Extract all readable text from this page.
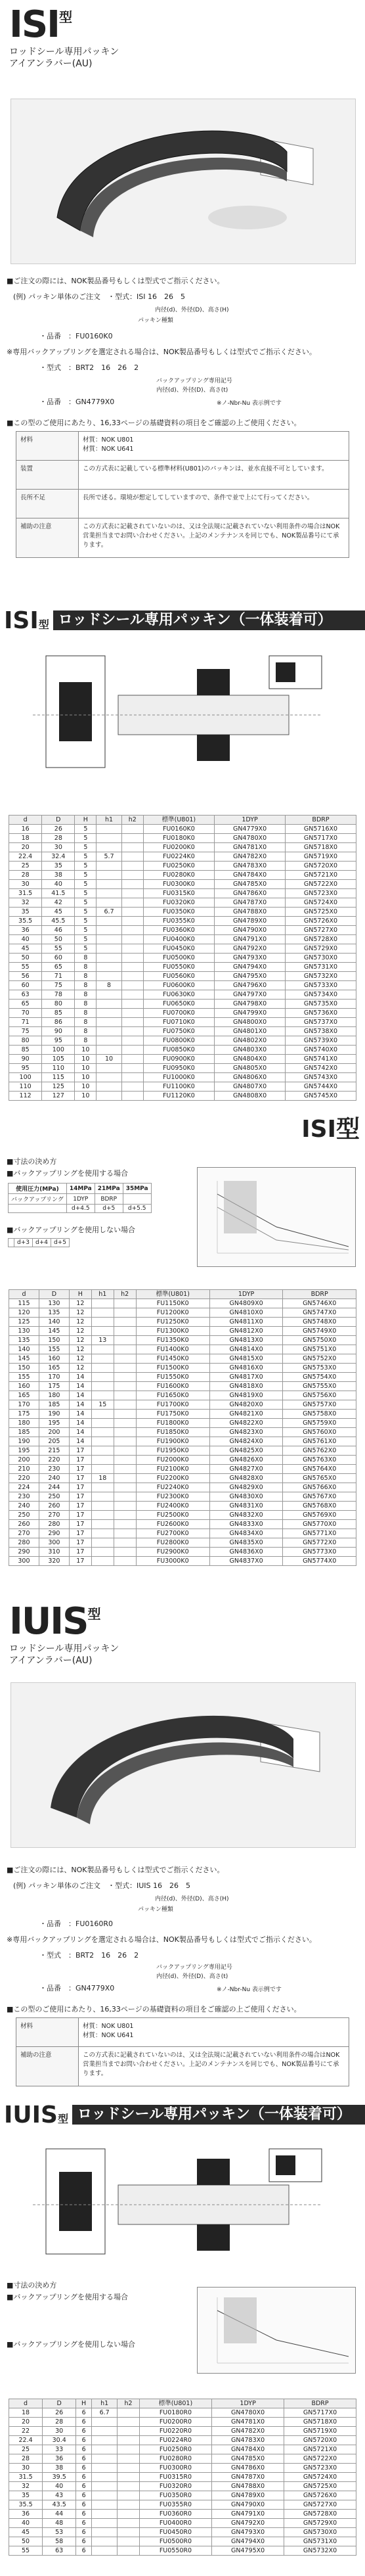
ISI型
ロッドシール専用パッキン
アイアンラバー(AU)
■ご注文の際には、NOK製品番号もしくは型式でご指示ください。
(例) パッキン単体のご注文　・型式：ISI 16　26　5
内径(d)、外径(D)、高さ(H)
パッキン種類
・品番　：FU0160K0
※専用バックアップリングを選定される場合は、NOK製品番号もしくは型式でご指示ください。
・型式　：BRT2　16　26　2
バックアップリング専用記号
内径(d)、外径(D)、高さ(t)
・品番　：GN4779X0	※ノ-Nbr-Nu 表示例です
■この型のご使用にあたり、16,33ページの基礎資料の項目をご確認の上ご使用ください。
材料	材質：NOK U801
材質：NOK U641
装置	この方式表に記載している標準材料(U801)のパッキンは、並水直接不可としています。
長所不足	長所で述る。環境が想定してしていますので、条件で並で上にて行ってください。
補助の注意	この方式表に記載されていないのは、又は全法規に記載されていない利用条件の場合はNOK営業担当までお問い合わせください。上記のメンテナンスを同じでも、NOK製品番号にて承ります。
ISI型 ロッドシール専用パッキン（一体装着可）
d	D	H	h1	h2	標準(U801)	1DYP	BDRP
16	26	5			FU0160K0	GN4779X0	GN5716X0
18	28	5			FU0180K0	GN4780X0	GN5717X0
20	30	5			FU0200K0	GN4781X0	GN5718X0
22.4	32.4	5	5.7		FU0224K0	GN4782X0	GN5719X0
25	35	5			FU0250K0	GN4783X0	GN5720X0
28	38	5			FU0280K0	GN4784X0	GN5721X0
30	40	5			FU0300K0	GN4785X0	GN5722X0
31.5	41.5	5			FU0315K0	GN4786X0	GN5723X0
32	42	5			FU0320K0	GN4787X0	GN5724X0
35	45	5	6.7		FU0350K0	GN4788X0	GN5725X0
35.5	45.5	5			FU0355K0	GN4789X0	GN5726X0
36	46	5			FU0360K0	GN4790X0	GN5727X0
40	50	5			FU0400K0	GN4791X0	GN5728X0
45	55	5			FU0450K0	GN4792X0	GN5729X0
50	60	8			FU0500K0	GN4793X0	GN5730X0
55	65	8			FU0550K0	GN4794X0	GN5731X0
56	71	8			FU0560K0	GN4795X0	GN5732X0
60	75	8	8		FU0600K0	GN4796X0	GN5733X0
63	78	8			FU0630K0	GN4797X0	GN5734X0
65	80	8			FU0650K0	GN4798X0	GN5735X0
70	85	8			FU0700K0	GN4799X0	GN5736X0
71	86	8			FU0710K0	GN4800X0	GN5737X0
75	90	8			FU0750K0	GN4801X0	GN5738X0
80	95	8			FU0800K0	GN4802X0	GN5739X0
85	100	10			FU0850K0	GN4803X0	GN5740X0
90	105	10	10		FU0900K0	GN4804X0	GN5741X0
95	110	10			FU0950K0	GN4805X0	GN5742X0
100	115	10			FU1000K0	GN4806X0	GN5743X0
110	125	10			FU1100K0	GN4807X0	GN5744X0
112	127	10			FU1120K0	GN4808X0	GN5745X0
ISI型
■寸法の決め方
■バックアップリングを使用する場合
使用圧力(MPa)	14MPa	21MPa	35MPa
バックアップリング	1DYP	BDRP	
	d+4.5	d+5	d+5.5
■バックアップリングを使用しない場合
	d+3	d+4	d+5
d	D	H	h1	h2	標準(U801)	1DYP	BDRP
115	130	12			FU1150K0	GN4809X0	GN5746X0
120	135	12			FU1200K0	GN4810X0	GN5747X0
125	140	12			FU1250K0	GN4811X0	GN5748X0
130	145	12			FU1300K0	GN4812X0	GN5749X0
135	150	12	13		FU1350K0	GN4813X0	GN5750X0
140	155	12			FU1400K0	GN4814X0	GN5751X0
145	160	12			FU1450K0	GN4815X0	GN5752X0
150	165	12			FU1500K0	GN4816X0	GN5753X0
155	170	14			FU1550K0	GN4817X0	GN5754X0
160	175	14			FU1600K0	GN4818X0	GN5755X0
165	180	14			FU1650K0	GN4819X0	GN5756X0
170	185	14	15		FU1700K0	GN4820X0	GN5757X0
175	190	14			FU1750K0	GN4821X0	GN5758X0
180	195	14			FU1800K0	GN4822X0	GN5759X0
185	200	14			FU1850K0	GN4823X0	GN5760X0
190	205	14			FU1900K0	GN4824X0	GN5761X0
195	215	17			FU1950K0	GN4825X0	GN5762X0
200	220	17			FU2000K0	GN4826X0	GN5763X0
210	230	17			FU2100K0	GN4827X0	GN5764X0
220	240	17	18		FU2200K0	GN4828X0	GN5765X0
224	244	17			FU2240K0	GN4829X0	GN5766X0
230	250	17			FU2300K0	GN4830X0	GN5767X0
240	260	17			FU2400K0	GN4831X0	GN5768X0
250	270	17			FU2500K0	GN4832X0	GN5769X0
260	280	17			FU2600K0	GN4833X0	GN5770X0
270	290	17			FU2700K0	GN4834X0	GN5771X0
280	300	17			FU2800K0	GN4835X0	GN5772X0
290	310	17			FU2900K0	GN4836X0	GN5773X0
300	320	17			FU3000K0	GN4837X0	GN5774X0
IUIS型
ロッドシール専用パッキン
アイアンラバー(AU)
■ご注文の際には、NOK製品番号もしくは型式でご指示ください。
(例) パッキン単体のご注文　・型式：IUIS 16　26　5
内径(d)、外径(D)、高さ(H)
パッキン種類
・品番　：FU0160R0
※専用バックアップリングを選定される場合は、NOK製品番号もしくは型式でご指示ください。
・型式　：BRT2　16　26　2
バックアップリング専用記号
内径(d)、外径(D)、高さ(t)
・品番　：GN4779X0	※ノ-Nbr-Nu 表示例です
■この型のご使用にあたり、16,33ページの基礎資料の項目をご確認の上ご使用ください。
材料	材質：NOK U801
材質：NOK U641
補助の注意	この方式表に記載されていないのは、又は全法規に記載されていない利用条件の場合はNOK営業担当までお問い合わせください。上記のメンテナンスを同じでも、NOK製品番号にて承ります。
IUIS型 ロッドシール専用パッキン（一体装着可）
■寸法の決め方
■バックアップリングを使用する場合
■バックアップリングを使用しない場合
d	D	H	h1	h2	標準(U801)	1DYP	BDRP
18	26	6	6.7		FU0180R0	GN4780X0	GN5717X0
20	28	6			FU0200R0	GN4781X0	GN5718X0
22	30	6			FU0220R0	GN4782X0	GN5719X0
22.4	30.4	6			FU0224R0	GN4783X0	GN5720X0
25	33	6			FU0250R0	GN4784X0	GN5721X0
28	36	6			FU0280R0	GN4785X0	GN5722X0
30	38	6			FU0300R0	GN4786X0	GN5723X0
31.5	39.5	6			FU0315R0	GN4787X0	GN5724X0
32	40	6			FU0320R0	GN4788X0	GN5725X0
35	43	6			FU0350R0	GN4789X0	GN5726X0
35.5	43.5	6			FU0355R0	GN4790X0	GN5727X0
36	44	6			FU0360R0	GN4791X0	GN5728X0
40	48	6			FU0400R0	GN4792X0	GN5729X0
45	53	6			FU0450R0	GN4793X0	GN5730X0
50	58	6			FU0500R0	GN4794X0	GN5731X0
55	63	6			FU0550R0	GN4795X0	GN5732X0
